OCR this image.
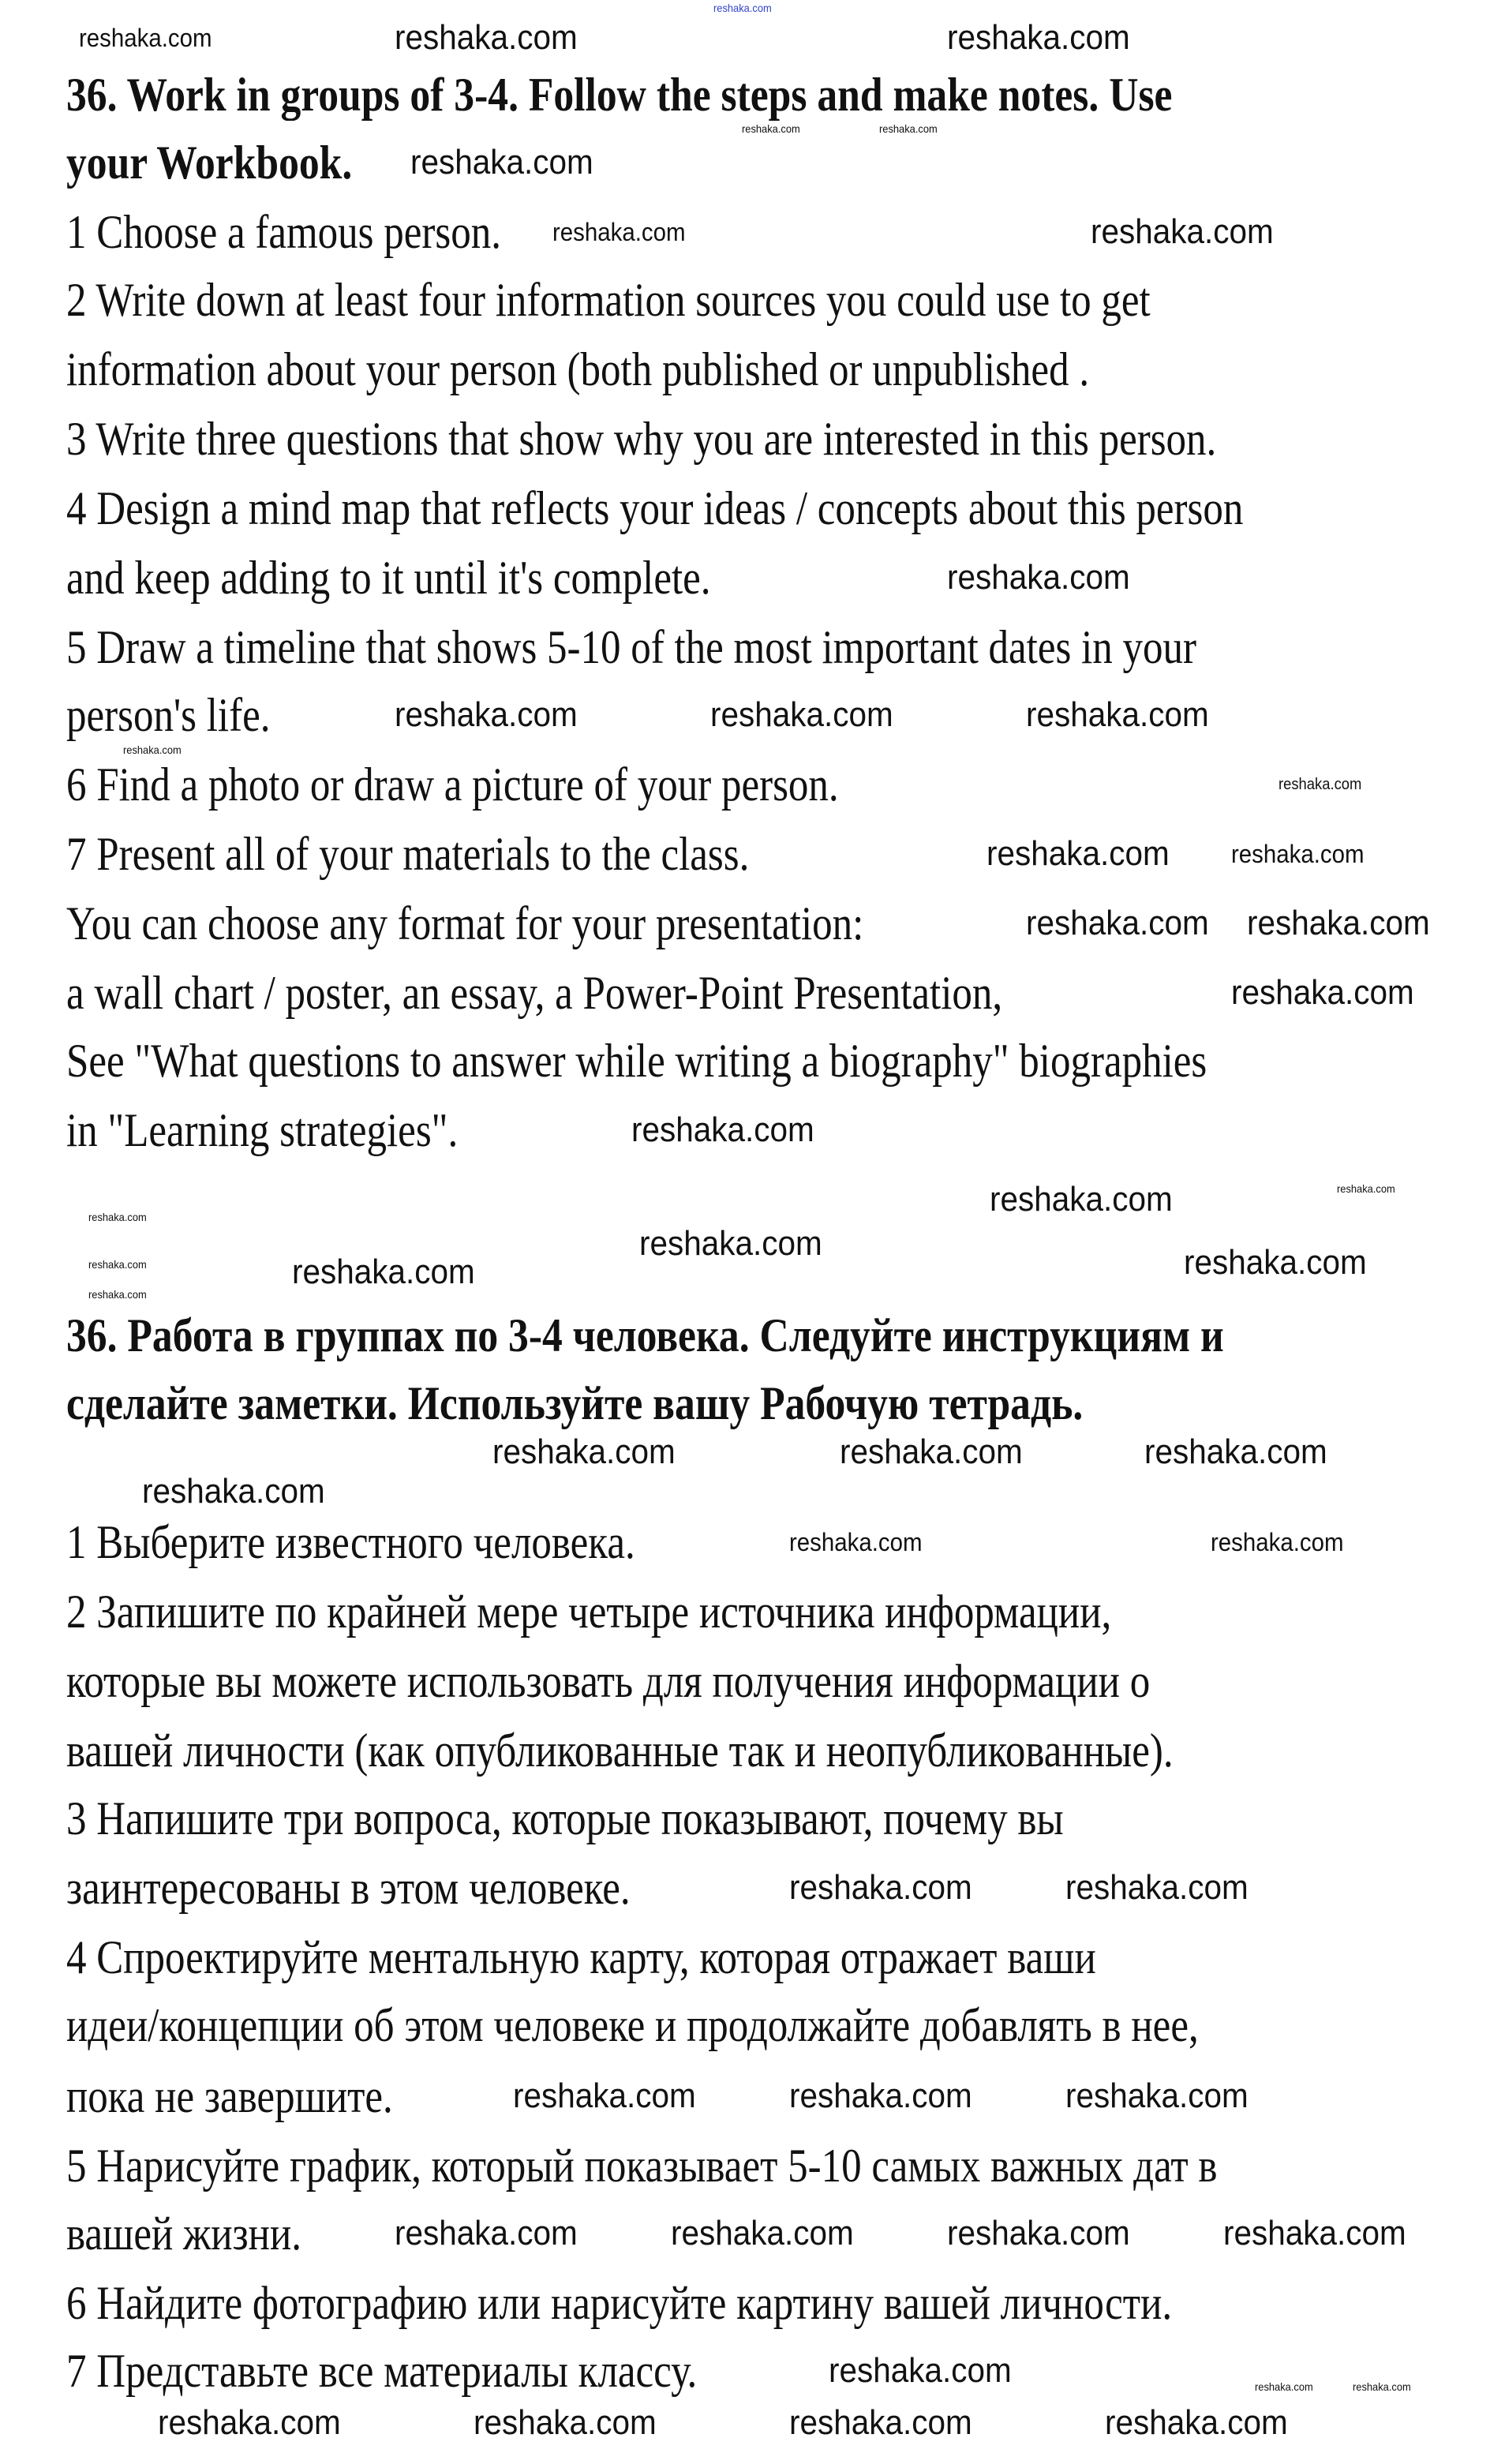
36. Work in groups of 3-4. Follow the steps and make notes. Use
your Workbook.
1 Choose a famous person.
2 Write down at least four information sources you could use to get
information about your person (both published or unpublished .
3 Write three questions that show why you are interested in this person.
4 Design a mind map that reflects your ideas / concepts about this person
and keep adding to it until it's complete.
5 Draw a timeline that shows 5-10 of the most important dates in your
person's life.
6 Find a photo or draw a picture of your person.
7 Present all of your materials to the class.
You can choose any format for your presentation:
a wall chart / poster, an essay, a Power-Point Presentation,
See "What questions to answer while writing a biography" biographies
in "Learning strategies".
36. Работа в группах по 3-4 человека. Следуйте инструкциям и
сделайте заметки. Используйте вашу Рабочую тетрадь.
1 Выберите известного человека.
2 Запишите по крайней мере четыре источника информации,
которые вы можете использовать для получения информации о
вашей личности (как опубликованные так и неопубликованные).
3 Напишите три вопроса, которые показывают, почему вы
заинтересованы в этом человеке.
4 Спроектируйте ментальную карту, которая отражает ваши
идеи/концепции об этом человеке и продолжайте добавлять в нее,
пока не завершите.
5 Нарисуйте график, который показывает 5-10 самых важных дат в
вашей жизни.
6 Найдите фотографию или нарисуйте картину вашей личности.
7 Представьте все материалы классу.
reshaka.com
reshaka.com	reshaka.com	reshaka.com
reshaka.com	reshaka.com
reshaka.com
reshaka.com	reshaka.com
reshaka.com
reshaka.com	reshaka.com	reshaka.com
reshaka.com
reshaka.com
reshaka.com reshaka.com
reshaka.com reshaka.com
reshaka.com
reshaka.com
reshaka.com	reshaka.com
reshaka.com
reshaka.com
reshaka.com	reshaka.com	reshaka.com
reshaka.com
reshaka.com	reshaka.com	reshaka.com
reshaka.com
reshaka.com	reshaka.com
reshaka.com	reshaka.com
reshaka.com	reshaka.com	reshaka.com
reshaka.com	reshaka.com	reshaka.com	reshaka.com
reshaka.com	reshaka.com	reshaka.com
reshaka.com	reshaka.com	reshaka.com	reshaka.com
